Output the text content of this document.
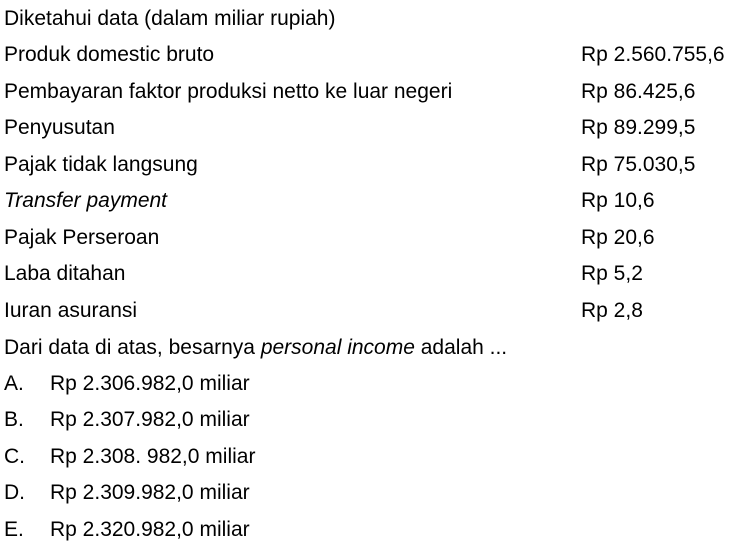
Diketahui data (dalam miliar rupiah)
Produk domestic bruto	Rp 2.560.755,6
Pembayaran faktor produksi netto ke luar negeri	Rp 86.425,6
Penyusutan	Rp 89.299,5
Pajak tidak langsung	Rp 75.030,5
Transfer payment	Rp 10,6
Pajak Perseroan	Rp 20,6
Laba ditahan	Rp 5,2
Iuran asuransi	Rp 2,8
Dari data di atas, besarnya personal income adalah ...
A. Rp 2.306.982,0 miliar
B. Rp 2.307.982,0 miliar
C. Rp 2.308. 982,0 miliar
D. Rp 2.309.982,0 miliar
E. Rp 2.320.982,0 miliar
